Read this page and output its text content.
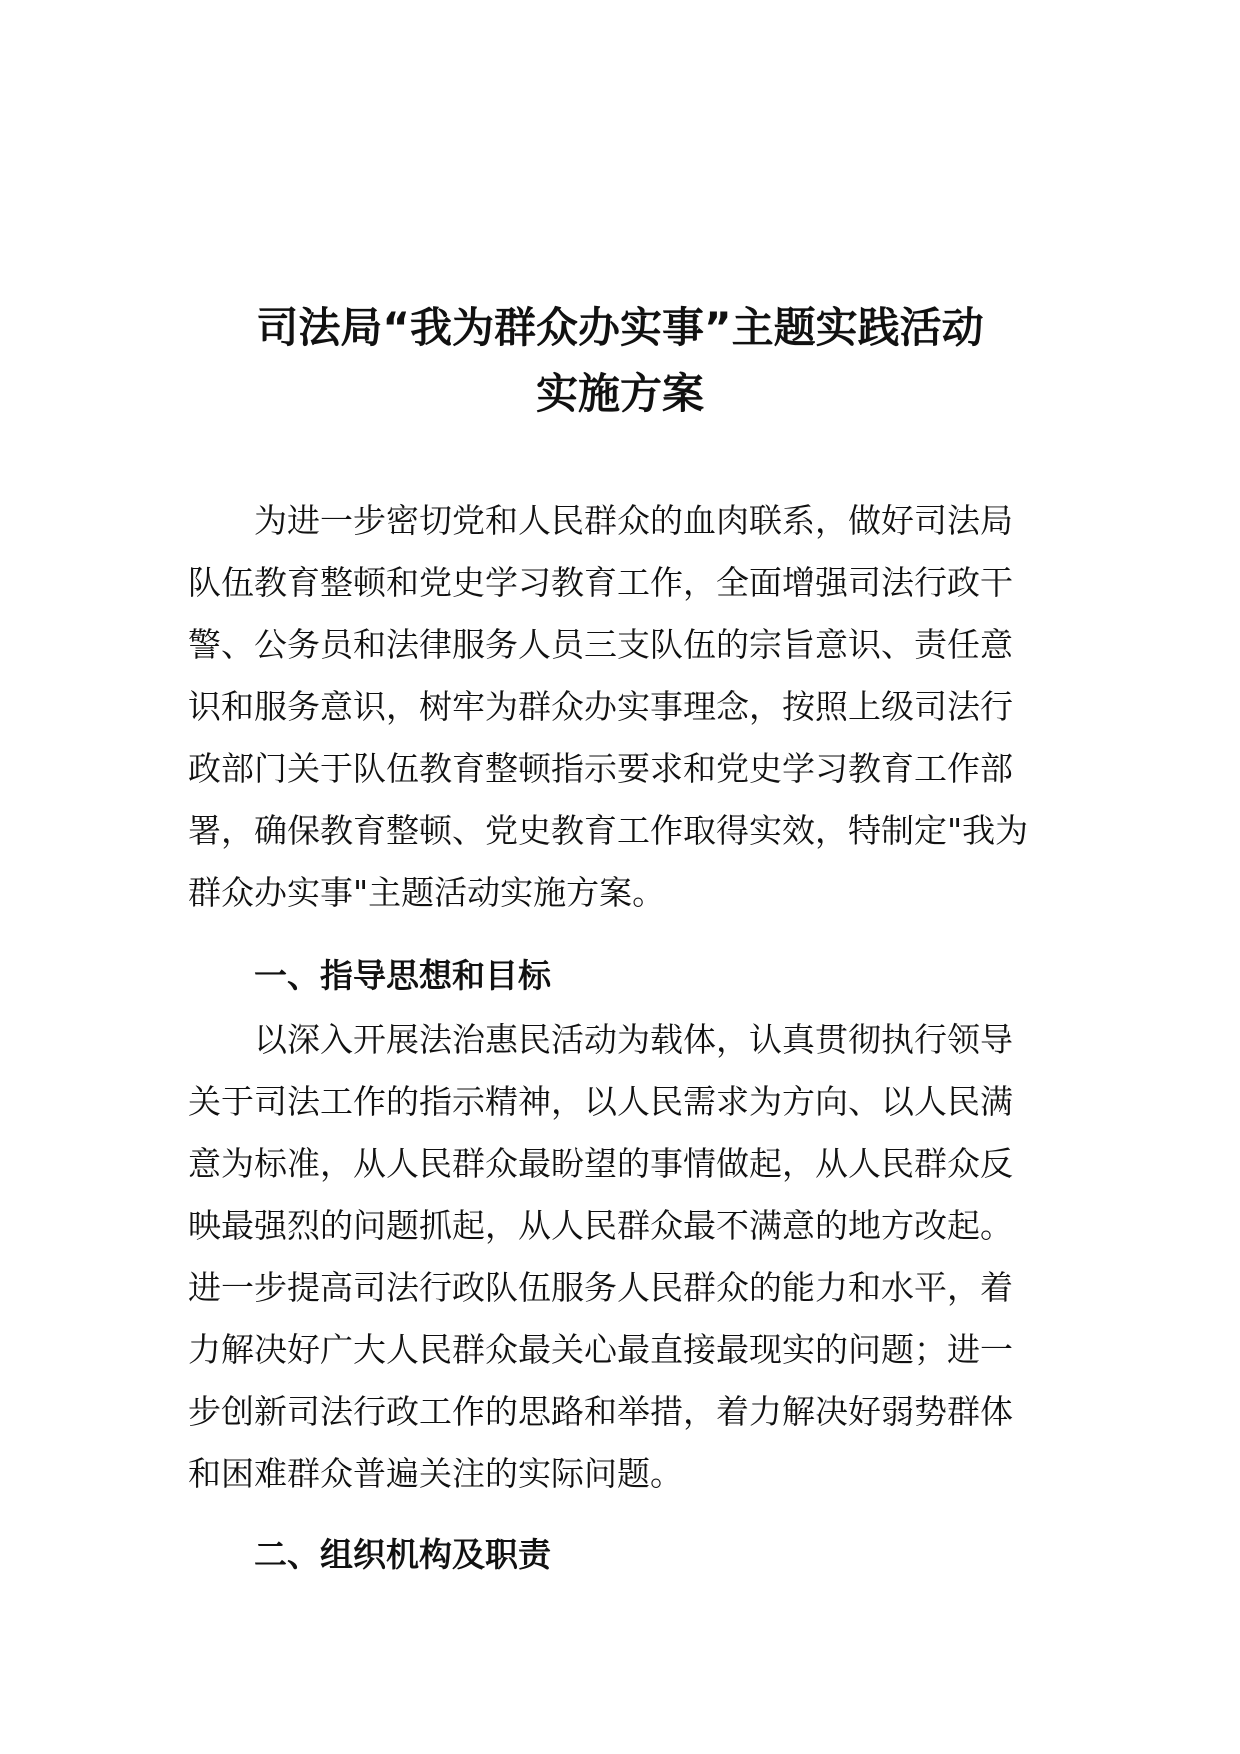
司法局“我为群众办实事”主题实践活动
实施方案

为进一步密切党和人民群众的血肉联系，做好司法局
队伍教育整顿和党史学习教育工作，全面增强司法行政干
警、公务员和法律服务人员三支队伍的宗旨意识、责任意
识和服务意识，树牢为群众办实事理念，按照上级司法行
政部门关于队伍教育整顿指示要求和党史学习教育工作部
署，确保教育整顿、党史教育工作取得实效，特制定"我为
群众办实事"主题活动实施方案。

一、指导思想和目标

以深入开展法治惠民活动为载体，认真贯彻执行领导
关于司法工作的指示精神，以人民需求为方向、以人民满
意为标准，从人民群众最盼望的事情做起，从人民群众反
映最强烈的问题抓起，从人民群众最不满意的地方改起。
进一步提高司法行政队伍服务人民群众的能力和水平，着
力解决好广大人民群众最关心最直接最现实的问题；进一
步创新司法行政工作的思路和举措，着力解决好弱势群体
和困难群众普遍关注的实际问题。

二、组织机构及职责
